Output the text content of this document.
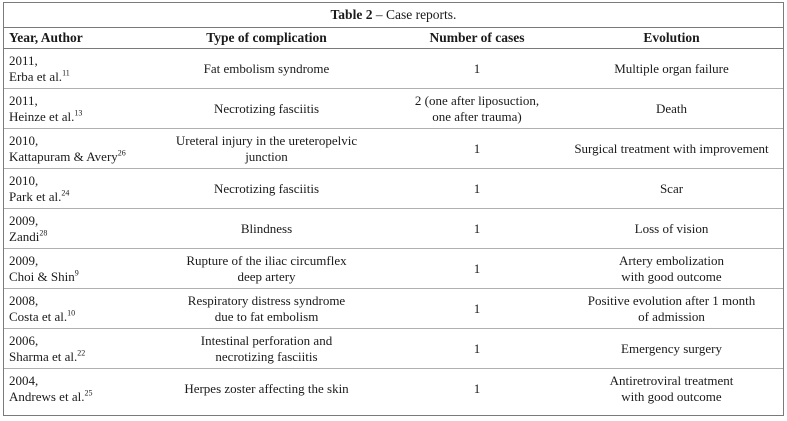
Table 2 – Case reports.
Year, Author	Type of complication	Number of cases	Evolution

2011,
Erba et al.$^{11}$	Fat embolism syndrome	1	Multiple organ failure

2011,
Heinze et al.$^{13}$	Necrotizing fasciitis	2 (one after liposuction,
one after trauma)	Death

2010,
Kattapuram & Avery$^{26}$	Ureteral injury in the ureteropelvic
junction	1	Surgical treatment with improvement

2010,
Park et al.$^{24}$	Necrotizing fasciitis	1	Scar

2009,
Zandi$^{28}$	Blindness	1	Loss of vision

2009,
Choi & Shin$^9$	Rupture of the iliac circumflex
deep artery	1	Artery embolization
with good outcome

2008,
Costa et al.$^{10}$	Respiratory distress syndrome
due to fat embolism	1	Positive evolution after 1 month
of admission

2006,
Sharma et al.$^{22}$	Intestinal perforation and
necrotizing fasciitis	1	Emergency surgery

2004,
Andrews et al.$^{25}$	Herpes zoster affecting the skin	1	Antiretroviral treatment
with good outcome
